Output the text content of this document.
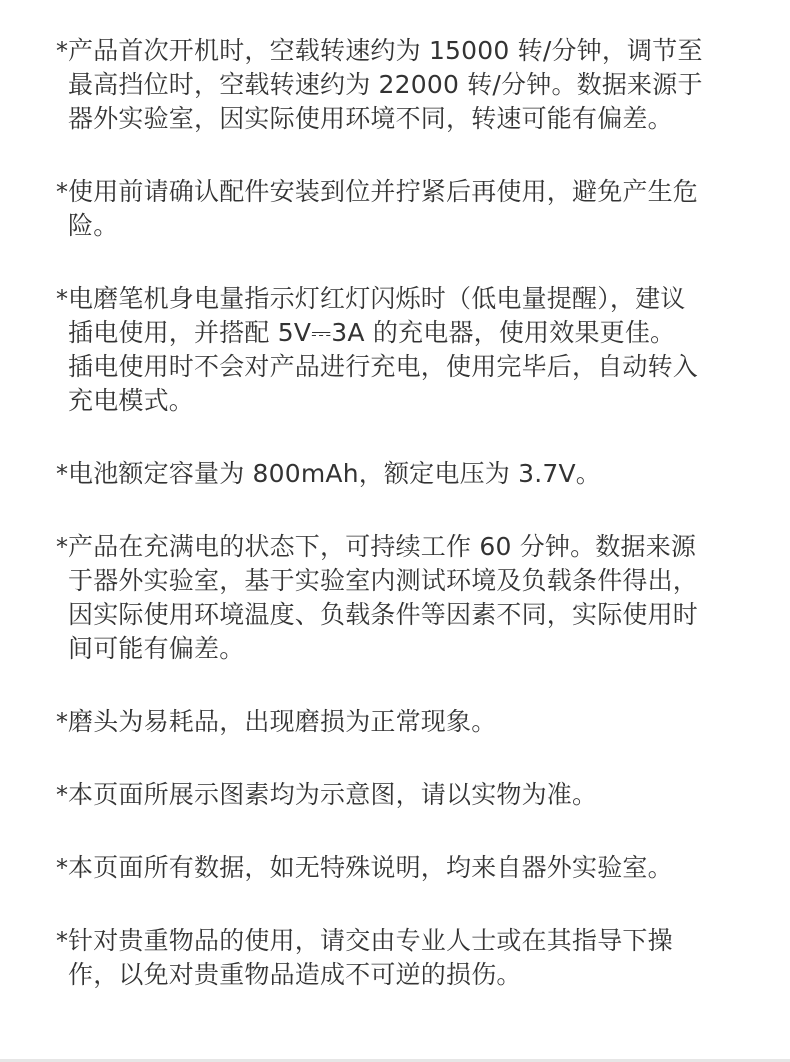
* 产品首次开机时，空载转速约为 15000 转/分钟，调节至
最高挡位时，空载转速约为 22000 转/分钟。数据来源于
器外实验室，因实际使用环境不同，转速可能有偏差。
* 使用前请确认配件安装到位并拧紧后再使用，避免产生危
险。
* 电磨笔机身电量指示灯红灯闪烁时（低电量提醒），建议
插电使用，并搭配 5V⎓3A 的充电器，使用效果更佳。
插电使用时不会对产品进行充电，使用完毕后，自动转入
充电模式。
* 电池额定容量为 800mAh，额定电压为 3.7V。
* 产品在充满电的状态下，可持续工作 60 分钟。数据来源
于器外实验室，基于实验室内测试环境及负载条件得出，
因实际使用环境温度、负载条件等因素不同，实际使用时
间可能有偏差。
* 磨头为易耗品，出现磨损为正常现象。
* 本页面所展示图素均为示意图，请以实物为准。
* 本页面所有数据，如无特殊说明，均来自器外实验室。
* 针对贵重物品的使用，请交由专业人士或在其指导下操
作，以免对贵重物品造成不可逆的损伤。
